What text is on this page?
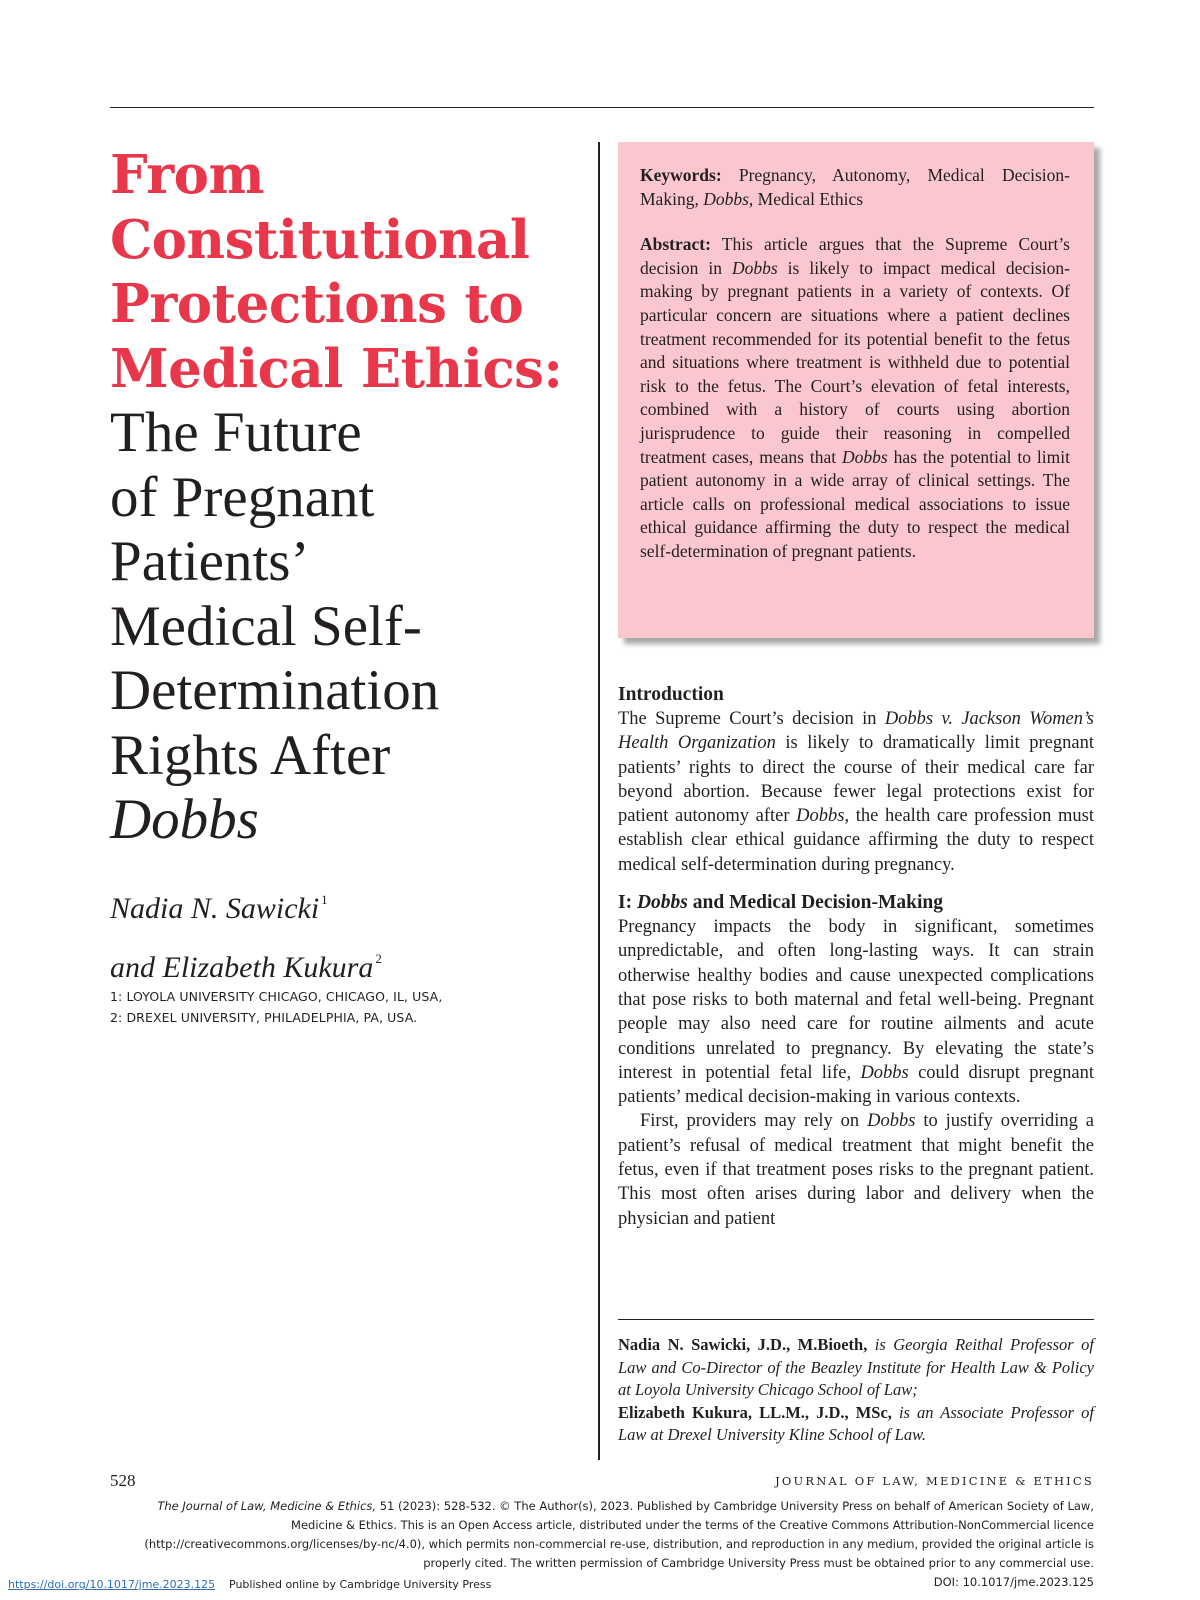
From
Constitutional
Protections to
Medical Ethics:
The Future
of Pregnant
Patients’
Medical Self-
Determination
Rights After
Dobbs
Nadia N. Sawicki $^1$
and Elizabeth Kukura $^2$
1: LOYOLA UNIVERSITY CHICAGO, CHICAGO, IL, USA,
2: DREXEL UNIVERSITY, PHILADELPHIA, PA, USA.

Keywords: Pregnancy, Autonomy, Medical Decision-Making, Dobbs, Medical Ethics

Abstract: This article argues that the Supreme Court’s decision in Dobbs is likely to impact medical decision-making by pregnant patients in a variety of contexts. Of particular concern are situations where a patient declines treatment recommended for its potential benefit to the fetus and situations where treatment is withheld due to potential risk to the fetus. The Court’s elevation of fetal interests, combined with a history of courts using abortion jurisprudence to guide their reasoning in compelled treatment cases, means that Dobbs has the potential to limit patient autonomy in a wide array of clinical settings. The article calls on professional medical associations to issue ethical guidance affirming the duty to respect the medical self-determination of pregnant patients.

Introduction

The Supreme Court’s decision in Dobbs v. Jackson Women’s Health Organization is likely to dramatically limit pregnant patients’ rights to direct the course of their medical care far beyond abortion. Because fewer legal protections exist for patient autonomy after Dobbs, the health care profession must establish clear ethical guidance affirming the duty to respect medical self-determination during pregnancy.

I: Dobbs and Medical Decision-Making

Pregnancy impacts the body in significant, sometimes unpredictable, and often long-lasting ways. It can strain otherwise healthy bodies and cause unexpected complications that pose risks to both maternal and fetal well-being. Pregnant people may also need care for routine ailments and acute conditions unrelated to pregnancy. By elevating the state’s interest in potential fetal life, Dobbs could disrupt pregnant patients’ medical decision-making in various contexts.

First, providers may rely on Dobbs to justify overriding a patient’s refusal of medical treatment that might benefit the fetus, even if that treatment poses risks to the pregnant patient. This most often arises during labor and delivery when the physician and patient

Nadia N. Sawicki, J.D., M.Bioeth, is Georgia Reithal Professor of Law and Co-Director of the Beazley Institute for Health Law & Policy at Loyola University Chicago School of Law;
Elizabeth Kukura, LL.M., J.D., MSc, is an Associate Professor of Law at Drexel University Kline School of Law.
528	JOURNAL OF LAW, MEDICINE & ETHICS
The Journal of Law, Medicine & Ethics, 51 (2023): 528-532. © The Author(s), 2023. Published by Cambridge University Press on behalf of American Society of Law, Medicine & Ethics. This is an Open Access article, distributed under the terms of the Creative Commons Attribution-NonCommercial licence (http://creativecommons.org/licenses/by-nc/4.0), which permits non-commercial re-use, distribution, and reproduction in any medium, provided the original article is properly cited. The written permission of Cambridge University Press must be obtained prior to any commercial use.
DOI: 10.1017/jme.2023.125
https://doi.org/10.1017/jme.2023.125 Published online by Cambridge University Press
